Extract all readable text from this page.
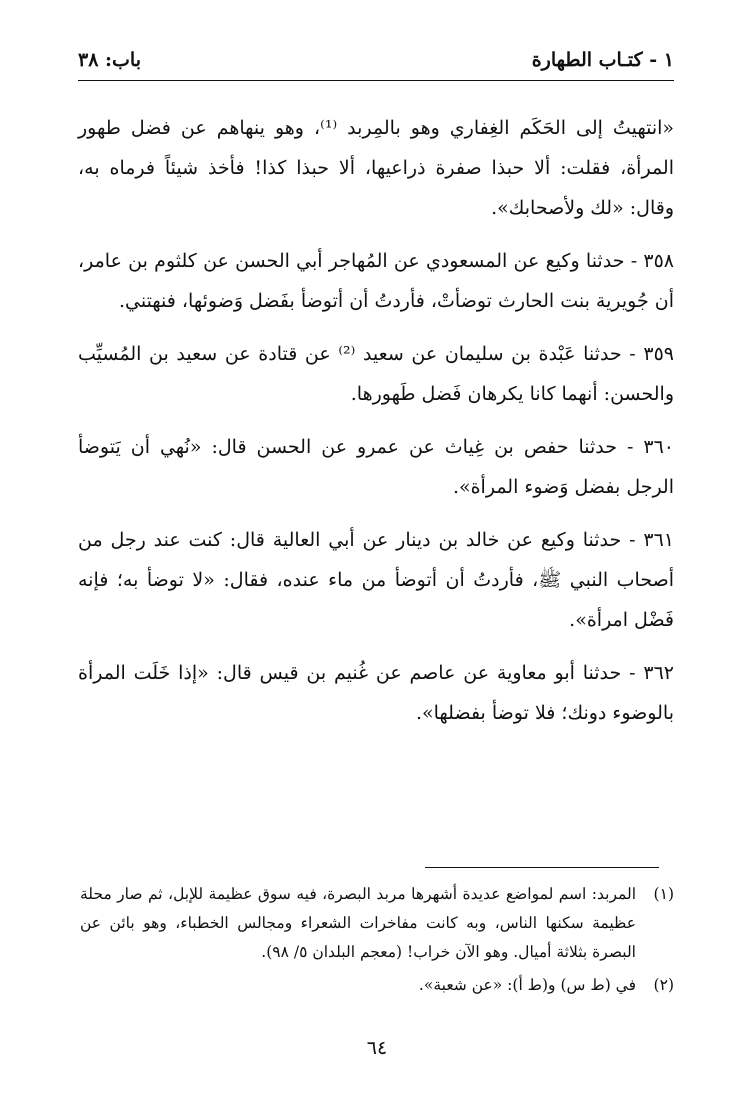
١ - كتـاب الطهارة
باب: ٣٨

«انتهيتُ إلى الحَكَم الغِفاري وهو بالمِربد ⁽¹⁾، وهو ينهاهم عن فضل طهور المرأة، فقلت: ألا حبذا صفرة ذراعيها، ألا حبذا كذا! فأخذ شيئاً فرماه به، وقال: «لك ولأصحابك».

٣٥٨ - حدثنا وكيع عن المسعودي عن المُهاجر أبي الحسن عن كلثوم بن عامر، أن جُويرية بنت الحارث توضأتْ، فأردتُ أن أتوضأ بفَضل وَضوئها، فنهتني.

٣٥٩ - حدثنا عَبْدة بن سليمان عن سعيد ⁽²⁾ عن قتادة عن سعيد بن المُسيِّب والحسن: أنهما كانا يكرهان فَضل طَهورها.

٣٦٠ - حدثنا حفص بن غِياث عن عمرو عن الحسن قال: «نُهي أن يَتوضأ الرجل بفضل وَضوء المرأة».

٣٦١ - حدثنا وكيع عن خالد بن دينار عن أبي العالية قال: كنت عند رجل من أصحاب النبي ﷺ، فأردتُ أن أتوضأ من ماء عنده، فقال: «لا توضأ به؛ فإنه فَضْل امرأة».

٣٦٢ - حدثنا أبو معاوية عن عاصم عن غُنيم بن قيس قال: «إذا خَلَت المرأة بالوضوء دونك؛ فلا توضأ بفضلها».

(١)
المربد: اسم لمواضع عديدة أشهرها مربد البصرة، فيه سوق عظيمة للإبل، ثم صار محلة عظيمة سكنها الناس، وبه كانت مفاخرات الشعراء ومجالس الخطباء، وهو بائن عن البصرة بثلاثة أميال. وهو الآن خراب! (معجم البلدان ٥/ ٩٨).
(٢)
في (ط س) و(ط أ): «عن شعبة».
٦٤
